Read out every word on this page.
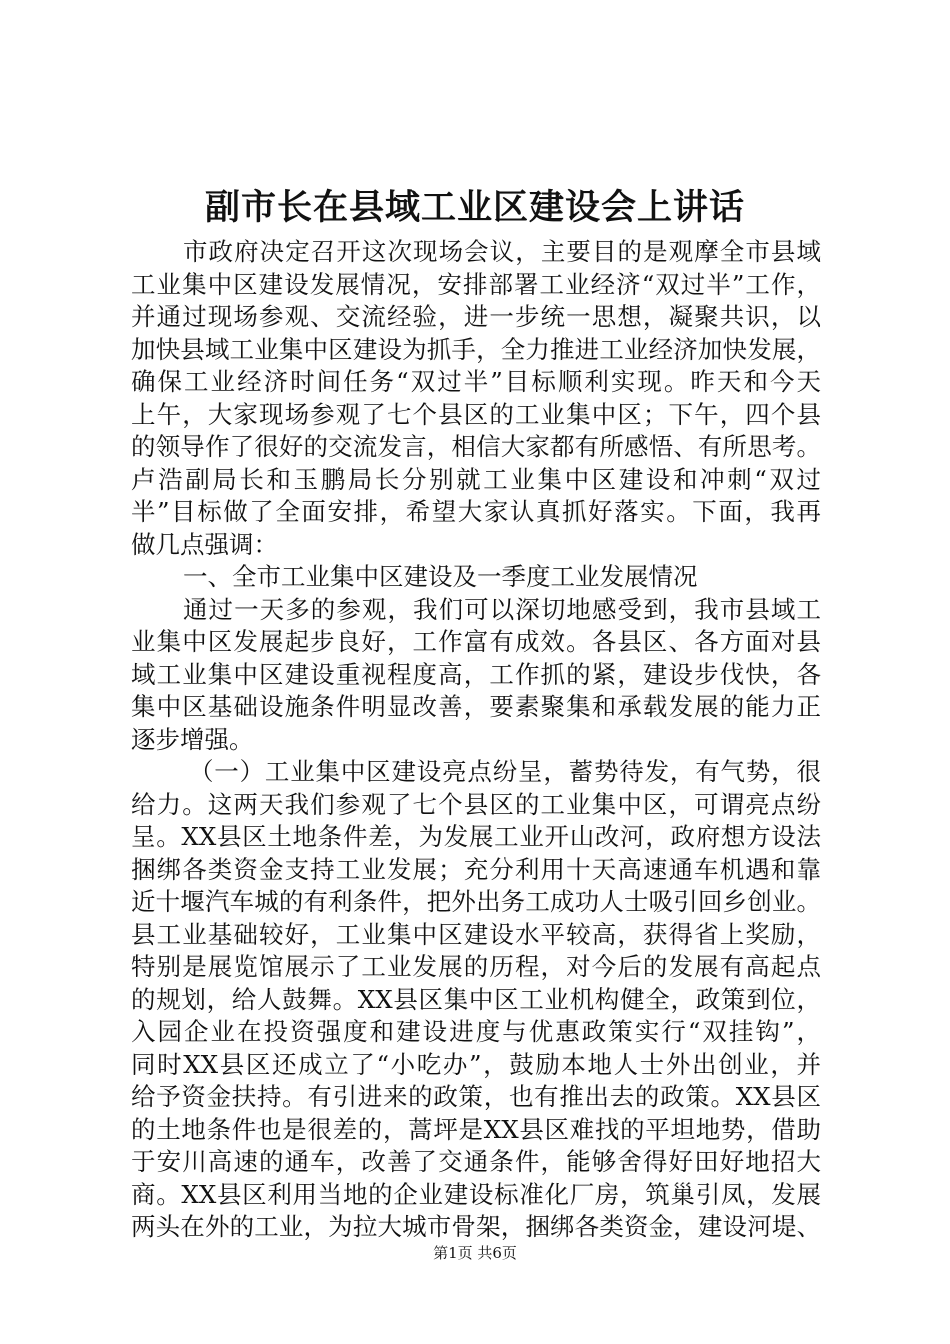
副市长在县域工业区建设会上讲话
市政府决定召开这次现场会议，主要目的是观摩全市县域
工业集中区建设发展情况，安排部署工业经济“双过半”工作，
并通过现场参观、交流经验，进一步统一思想，凝聚共识，以
加快县域工业集中区建设为抓手，全力推进工业经济加快发展，
确保工业经济时间任务“双过半”目标顺利实现。昨天和今天
上午，大家现场参观了七个县区的工业集中区；下午，四个县
的领导作了很好的交流发言，相信大家都有所感悟、有所思考。
卢浩副局长和玉鹏局长分别就工业集中区建设和冲刺“双过
半”目标做了全面安排，希望大家认真抓好落实。下面，我再
做几点强调：
一、全市工业集中区建设及一季度工业发展情况
通过一天多的参观，我们可以深切地感受到，我市县域工
业集中区发展起步良好，工作富有成效。各县区、各方面对县
域工业集中区建设重视程度高，工作抓的紧，建设步伐快，各
集中区基础设施条件明显改善，要素聚集和承载发展的能力正
逐步增强。
（一）工业集中区建设亮点纷呈，蓄势待发，有气势，很
给力。这两天我们参观了七个县区的工业集中区，可谓亮点纷
呈。XX县区土地条件差，为发展工业开山改河，政府想方设法
捆绑各类资金支持工业发展；充分利用十天高速通车机遇和靠
近十堰汽车城的有利条件，把外出务工成功人士吸引回乡创业。
县工业基础较好，工业集中区建设水平较高，获得省上奖励，
特别是展览馆展示了工业发展的历程，对今后的发展有高起点
的规划，给人鼓舞。XX县区集中区工业机构健全，政策到位，
入园企业在投资强度和建设进度与优惠政策实行“双挂钩”，
同时XX县区还成立了“小吃办”，鼓励本地人士外出创业，并
给予资金扶持。有引进来的政策，也有推出去的政策。XX县区
的土地条件也是很差的，蒿坪是XX县区难找的平坦地势，借助
于安川高速的通车，改善了交通条件，能够舍得好田好地招大
商。XX县区利用当地的企业建设标准化厂房，筑巢引凤，发展
两头在外的工业，为拉大城市骨架，捆绑各类资金，建设河堤、
第1页 共6页
